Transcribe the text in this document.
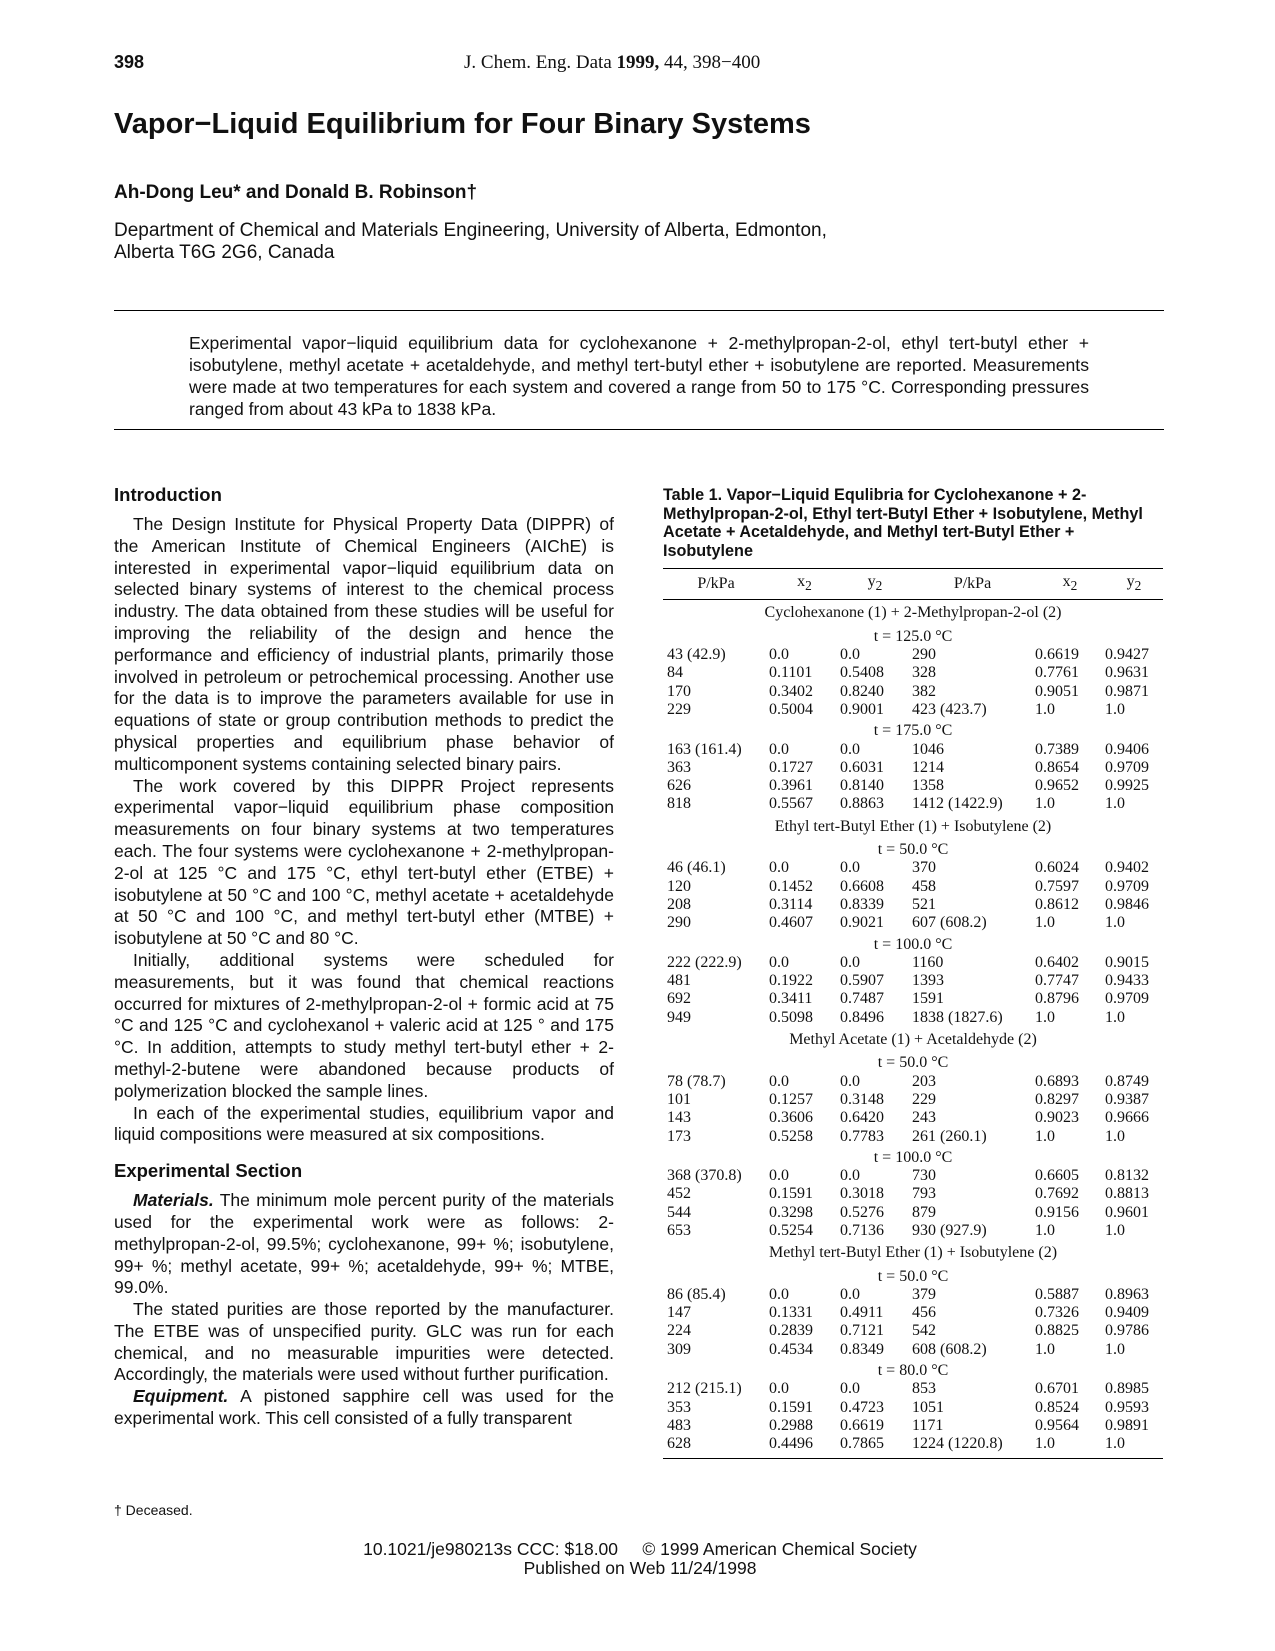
398	J. Chem. Eng. Data 1999, 44, 398−400
Vapor−Liquid Equilibrium for Four Binary Systems
Ah-Dong Leu* and Donald B. Robinson†
Department of Chemical and Materials Engineering, University of Alberta, Edmonton,
Alberta T6G 2G6, Canada
Experimental vapor−liquid equilibrium data for cyclohexanone + 2-methylpropan-2-ol, ethyl tert-butyl ether + isobutylene, methyl acetate + acetaldehyde, and methyl tert-butyl ether + isobutylene are reported. Measurements were made at two temperatures for each system and covered a range from 50 to 175 °C. Corresponding pressures ranged from about 43 kPa to 1838 kPa.
Introduction

The Design Institute for Physical Property Data (DIPPR) of the American Institute of Chemical Engineers (AIChE) is interested in experimental vapor−liquid equilibrium data on selected binary systems of interest to the chemical process industry. The data obtained from these studies will be useful for improving the reliability of the design and hence the performance and efficiency of industrial plants, primarily those involved in petroleum or petrochemical processing. Another use for the data is to improve the parameters available for use in equations of state or group contribution methods to predict the physical properties and equilibrium phase behavior of multicomponent systems containing selected binary pairs.

The work covered by this DIPPR Project represents experimental vapor−liquid equilibrium phase composition measurements on four binary systems at two temperatures each. The four systems were cyclohexanone + 2-methylpropan-2-ol at 125 °C and 175 °C, ethyl tert-butyl ether (ETBE) + isobutylene at 50 °C and 100 °C, methyl acetate + acetaldehyde at 50 °C and 100 °C, and methyl tert-butyl ether (MTBE) + isobutylene at 50 °C and 80 °C.

Initially, additional systems were scheduled for measurements, but it was found that chemical reactions occurred for mixtures of 2-methylpropan-2-ol + formic acid at 75 °C and 125 °C and cyclohexanol + valeric acid at 125 ° and 175 °C. In addition, attempts to study methyl tert-butyl ether + 2-methyl-2-butene were abandoned because products of polymerization blocked the sample lines.

In each of the experimental studies, equilibrium vapor and liquid compositions were measured at six compositions.

Experimental Section

Materials. The minimum mole percent purity of the materials used for the experimental work were as follows: 2-methylpropan-2-ol, 99.5%; cyclohexanone, 99+ %; isobutylene, 99+ %; methyl acetate, 99+ %; acetaldehyde, 99+ %; MTBE, 99.0%.

The stated purities are those reported by the manufacturer. The ETBE was of unspecified purity. GLC was run for each chemical, and no measurable impurities were detected. Accordingly, the materials were used without further purification.

Equipment. A pistoned sapphire cell was used for the experimental work. This cell consisted of a fully transparent

† Deceased.
Table 1. Vapor−Liquid Equlibria for Cyclohexanone + 2-Methylpropan-2-ol, Ethyl tert-Butyl Ether + Isobutylene, Methyl Acetate + Acetaldehyde, and Methyl tert-Butyl Ether + Isobutylene
P/kPa	$x_2$	$y_2$	P/kPa	$x_2$	$y_2$
Cyclohexanone (1) + 2-Methylpropan-2-ol (2)					
t = 125.0 °C					
43 (42.9)	0.0	0.0	290	0.6619	0.9427
84	0.1101	0.5408	328	0.7761	0.9631
170	0.3402	0.8240	382	0.9051	0.9871
229	0.5004	0.9001	423 (423.7)	1.0	1.0
t = 175.0 °C					
163 (161.4)	0.0	0.0	1046	0.7389	0.9406
363	0.1727	0.6031	1214	0.8654	0.9709
626	0.3961	0.8140	1358	0.9652	0.9925
818	0.5567	0.8863	1412 (1422.9)	1.0	1.0
Ethyl tert-Butyl Ether (1) + Isobutylene (2)					
t = 50.0 °C					
46 (46.1)	0.0	0.0	370	0.6024	0.9402
120	0.1452	0.6608	458	0.7597	0.9709
208	0.3114	0.8339	521	0.8612	0.9846
290	0.4607	0.9021	607 (608.2)	1.0	1.0
t = 100.0 °C					
222 (222.9)	0.0	0.0	1160	0.6402	0.9015
481	0.1922	0.5907	1393	0.7747	0.9433
692	0.3411	0.7487	1591	0.8796	0.9709
949	0.5098	0.8496	1838 (1827.6)	1.0	1.0
Methyl Acetate (1) + Acetaldehyde (2)					
t = 50.0 °C					
78 (78.7)	0.0	0.0	203	0.6893	0.8749
101	0.1257	0.3148	229	0.8297	0.9387
143	0.3606	0.6420	243	0.9023	0.9666
173	0.5258	0.7783	261 (260.1)	1.0	1.0
t = 100.0 °C					
368 (370.8)	0.0	0.0	730	0.6605	0.8132
452	0.1591	0.3018	793	0.7692	0.8813
544	0.3298	0.5276	879	0.9156	0.9601
653	0.5254	0.7136	930 (927.9)	1.0	1.0
Methyl tert-Butyl Ether (1) + Isobutylene (2)					
t = 50.0 °C					
86 (85.4)	0.0	0.0	379	0.5887	0.8963
147	0.1331	0.4911	456	0.7326	0.9409
224	0.2839	0.7121	542	0.8825	0.9786
309	0.4534	0.8349	608 (608.2)	1.0	1.0
t = 80.0 °C					
212 (215.1)	0.0	0.0	853	0.6701	0.8985
353	0.1591	0.4723	1051	0.8524	0.9593
483	0.2988	0.6619	1171	0.9564	0.9891
628	0.4496	0.7865	1224 (1220.8)	1.0	1.0
10.1021/je980213s CCC: $18.00     © 1999 American Chemical Society
Published on Web 11/24/1998
